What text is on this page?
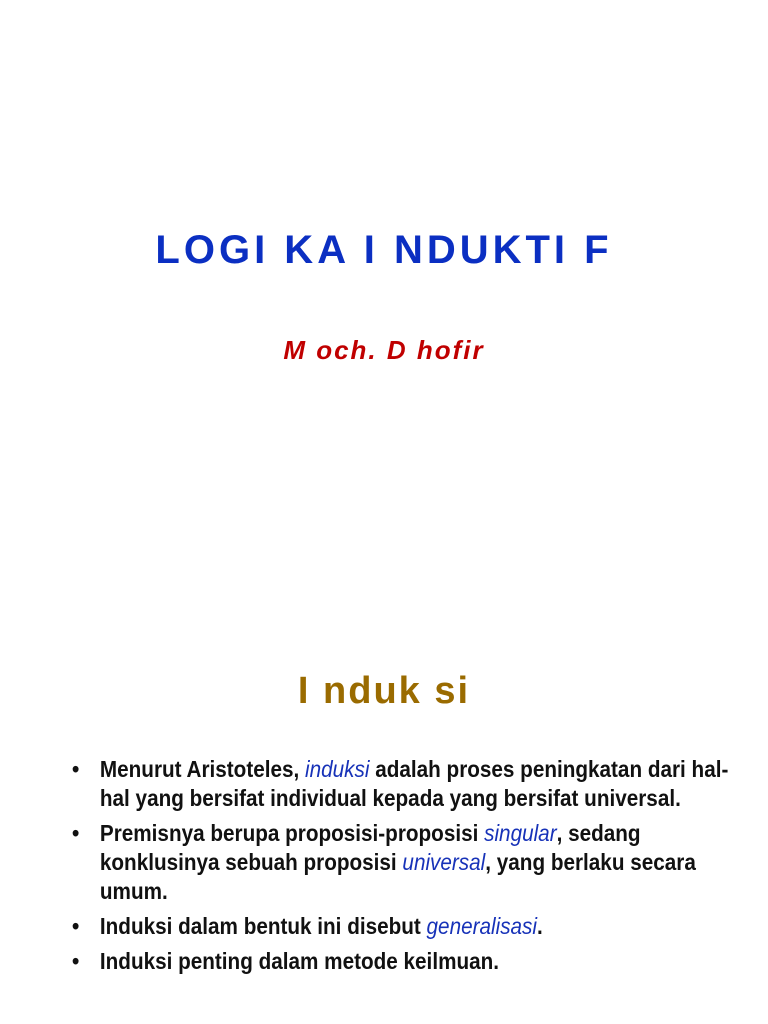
LOGI KA I NDUKTI F

M och. D hofir

I nduk si
• Menurut Aristoteles, induksi adalah proses peningkatan dari hal-hal yang bersifat individual kepada yang bersifat universal.
• Premisnya berupa proposisi-proposisi singular, sedang konklusinya sebuah proposisi universal, yang berlaku secara umum.
• Induksi dalam bentuk ini disebut generalisasi.
• Induksi penting dalam metode keilmuan.
